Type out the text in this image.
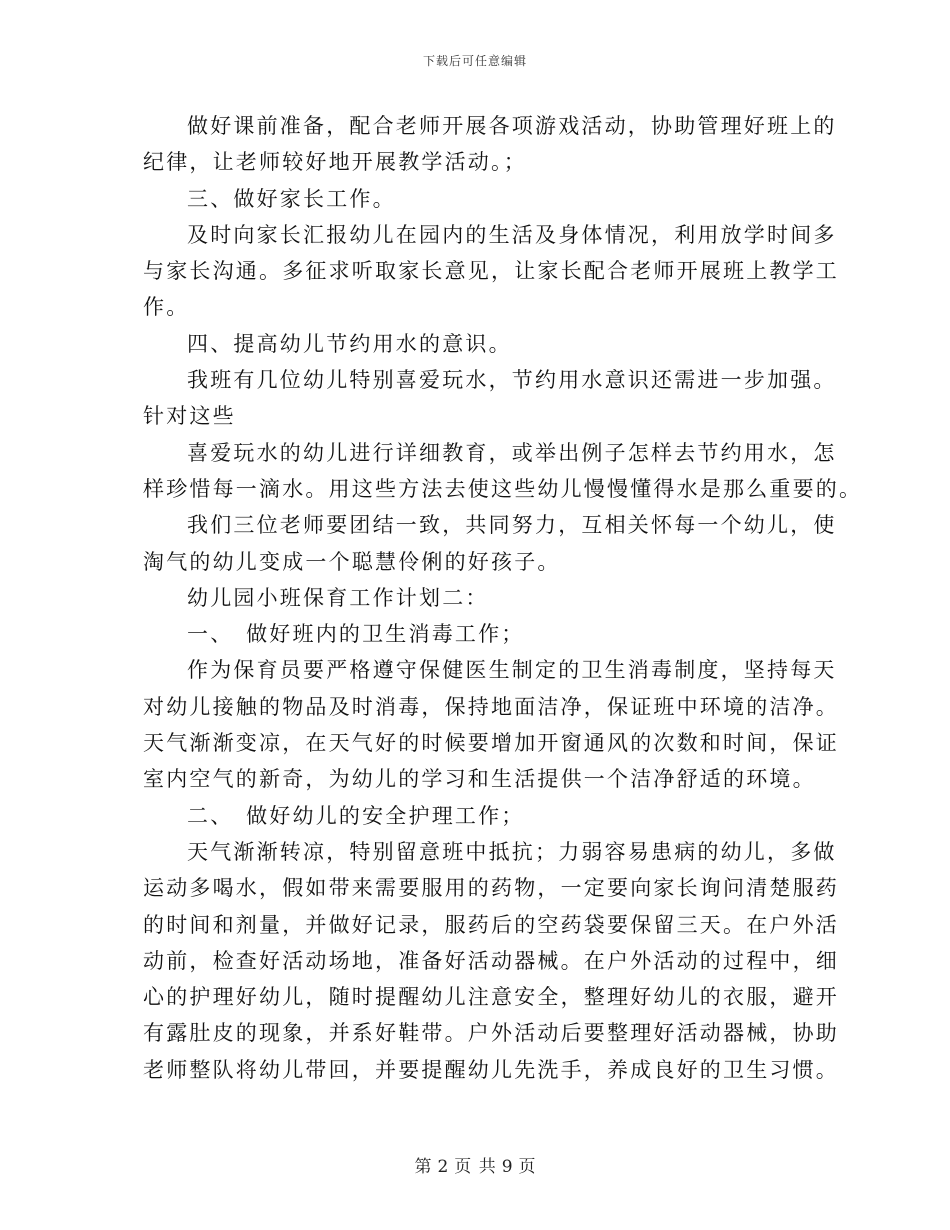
下载后可任意编辑
做好课前准备，配合老师开展各项游戏活动，协助管理好班上的
纪律，让老师较好地开展教学活动。；
三、做好家长工作。
及时向家长汇报幼儿在园内的生活及身体情况，利用放学时间多
与家长沟通。多征求听取家长意见，让家长配合老师开展班上教学工
作。
四、提高幼儿节约用水的意识。
我班有几位幼儿特别喜爱玩水，节约用水意识还需进一步加强。
针对这些
喜爱玩水的幼儿进行详细教育，或举出例子怎样去节约用水，怎
样珍惜每一滴水。用这些方法去使这些幼儿慢慢懂得水是那么重要的。
我们三位老师要团结一致，共同努力，互相关怀每一个幼儿，使
淘气的幼儿变成一个聪慧伶俐的好孩子。
幼儿园小班保育工作计划二：
一、　做好班内的卫生消毒工作；
作为保育员要严格遵守保健医生制定的卫生消毒制度，坚持每天
对幼儿接触的物品及时消毒，保持地面洁净，保证班中环境的洁净。
天气渐渐变凉，在天气好的时候要增加开窗通风的次数和时间，保证
室内空气的新奇，为幼儿的学习和生活提供一个洁净舒适的环境。
二、　做好幼儿的安全护理工作；
天气渐渐转凉，特别留意班中抵抗；力弱容易患病的幼儿，多做
运动多喝水，假如带来需要服用的药物，一定要向家长询问清楚服药
的时间和剂量，并做好记录，服药后的空药袋要保留三天。在户外活
动前，检查好活动场地，准备好活动器械。在户外活动的过程中，细
心的护理好幼儿，随时提醒幼儿注意安全，整理好幼儿的衣服，避开
有露肚皮的现象，并系好鞋带。户外活动后要整理好活动器械，协助
老师整队将幼儿带回，并要提醒幼儿先洗手，养成良好的卫生习惯。
第 2 页 共 9 页
